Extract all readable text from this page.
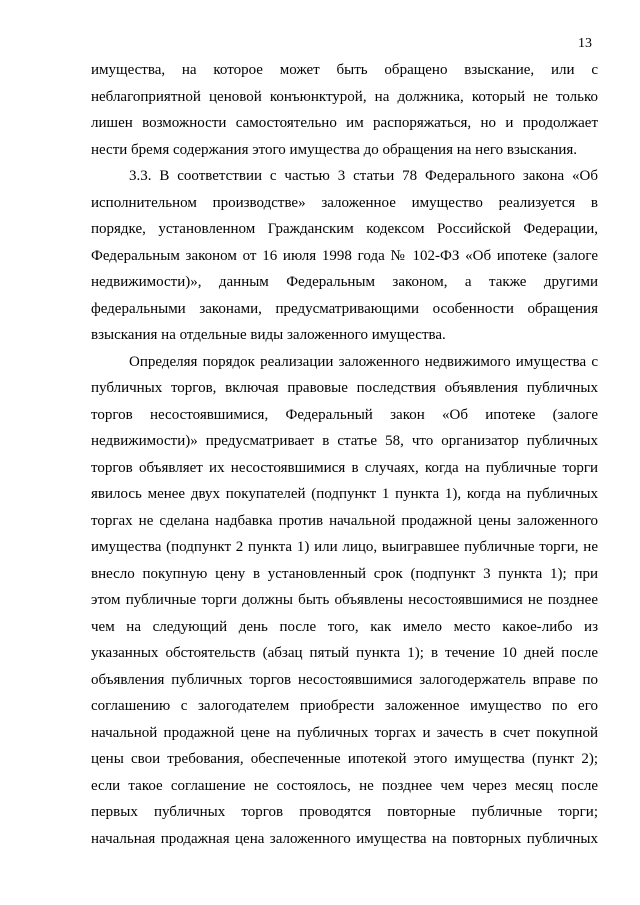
13
имущества, на которое может быть обращено взыскание, или с
неблагоприятной ценовой конъюнктурой, на должника, который не только
лишен возможности самостоятельно им распоряжаться, но и продолжает
нести бремя содержания этого имущества до обращения на него взыскания.
3.3. В соответствии с частью 3 статьи 78 Федерального закона «Об
исполнительном производстве» заложенное имущество реализуется в
порядке, установленном Гражданским кодексом Российской Федерации,
Федеральным законом от 16 июля 1998 года № 102-ФЗ «Об ипотеке (залоге
недвижимости)», данным Федеральным законом, а также другими
федеральными законами, предусматривающими особенности обращения
взыскания на отдельные виды заложенного имущества.
Определяя порядок реализации заложенного недвижимого имущества с
публичных торгов, включая правовые последствия объявления публичных
торгов несостоявшимися, Федеральный закон «Об ипотеке (залоге
недвижимости)» предусматривает в статье 58, что организатор публичных
торгов объявляет их несостоявшимися в случаях, когда на публичные торги
явилось менее двух покупателей (подпункт 1 пункта 1), когда на публичных
торгах не сделана надбавка против начальной продажной цены заложенного
имущества (подпункт 2 пункта 1) или лицо, выигравшее публичные торги, не
внесло покупную цену в установленный срок (подпункт 3 пункта 1); при
этом публичные торги должны быть объявлены несостоявшимися не позднее
чем на следующий день после того, как имело место какое-либо из
указанных обстоятельств (абзац пятый пункта 1); в течение 10 дней после
объявления публичных торгов несостоявшимися залогодержатель вправе по
соглашению с залогодателем приобрести заложенное имущество по его
начальной продажной цене на публичных торгах и зачесть в счет покупной
цены свои требования, обеспеченные ипотекой этого имущества (пункт 2);
если такое соглашение не состоялось, не позднее чем через месяц после
первых публичных торгов проводятся повторные публичные торги;
начальная продажная цена заложенного имущества на повторных публичных
